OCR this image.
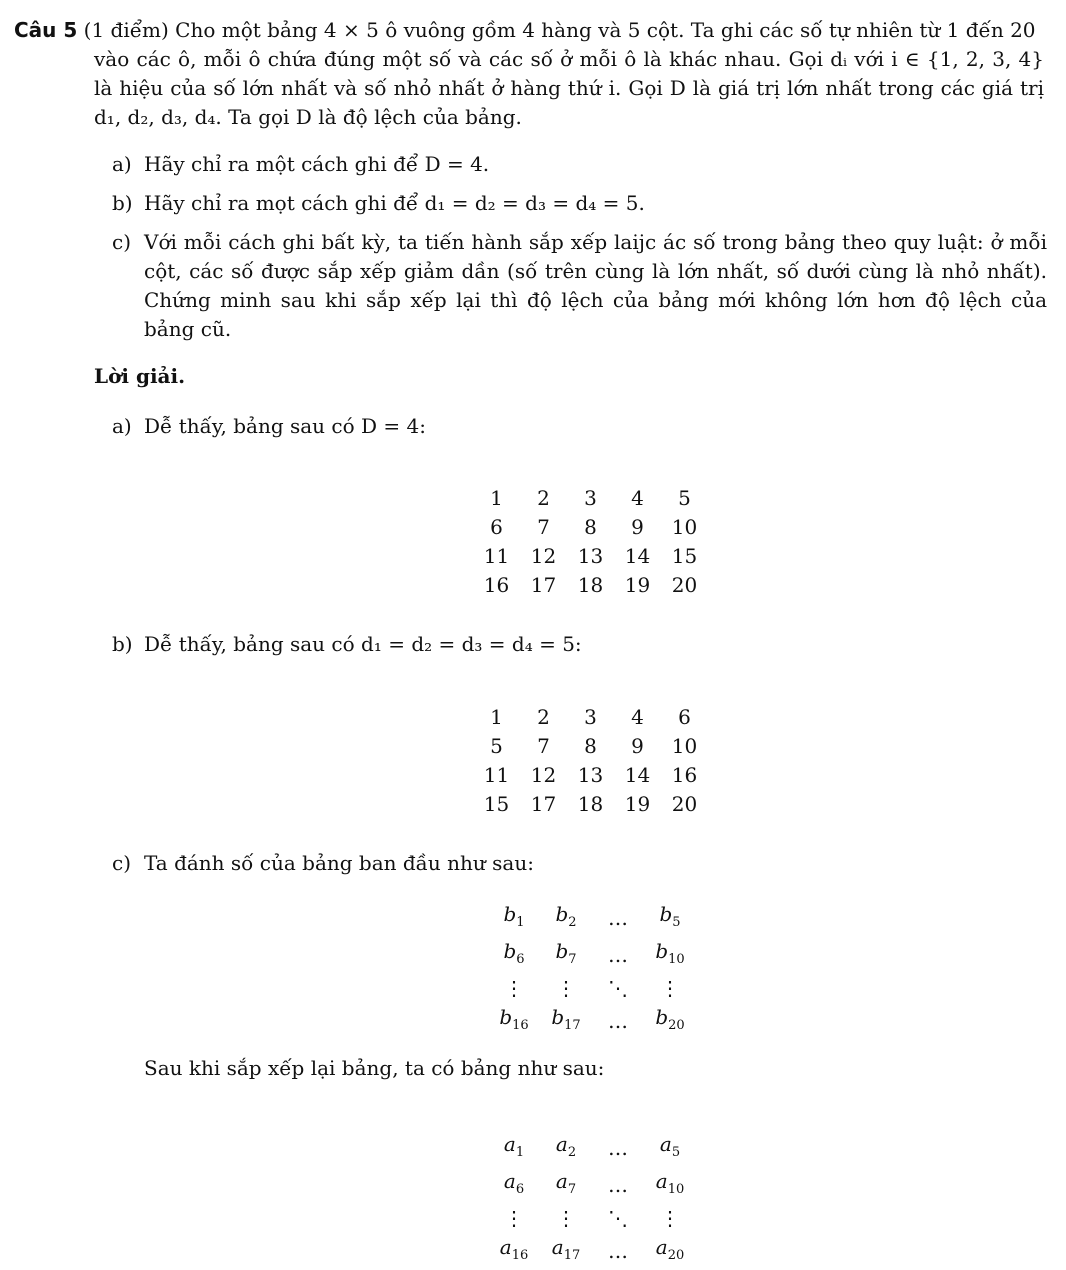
Câu 5 (1 điểm) Cho một bảng 4 × 5 ô vuông gồm 4 hàng và 5 cột. Ta ghi các số tự nhiên từ 1 đến 20
vào các ô, mỗi ô chứa đúng một số và các số ở mỗi ô là khác nhau. Gọi dᵢ với i ∈ {1, 2, 3, 4} là hiệu của số lớn nhất và số nhỏ nhất ở hàng thứ i. Gọi D là giá trị lớn nhất trong các giá trị d₁, d₂, d₃, d₄. Ta gọi D là độ lệch của bảng.
a) Hãy chỉ ra một cách ghi để D = 4.
b) Hãy chỉ ra mọt cách ghi để d₁ = d₂ = d₃ = d₄ = 5.
c) Với mỗi cách ghi bất kỳ, ta tiến hành sắp xếp laijc ác số trong bảng theo quy luật: ở mỗi cột, các số được sắp xếp giảm dần (số trên cùng là lớn nhất, số dưới cùng là nhỏ nhất). Chứng minh sau khi sắp xếp lại thì độ lệch của bảng mới không lớn hơn độ lệch của bảng cũ.
Lời giải.
a) Dễ thấy, bảng sau có D = 4:
1	2	3	4	5
6	7	8	9	10
11	12	13	14	15
16	17	18	19	20
b) Dễ thấy, bảng sau có d₁ = d₂ = d₃ = d₄ = 5:
1	2	3	4	6
5	7	8	9	10
11	12	13	14	16
15	17	18	19	20
c) Ta đánh số của bảng ban đầu như sau:
$b_1$	$b_2$	…	$b_5$
$b_6$	$b_7$	…	$b_{10}$
⋮	⋮	⋱	⋮
$b_{16}$	$b_{17}$	…	$b_{20}$
Sau khi sắp xếp lại bảng, ta có bảng như sau:
$a_1$	$a_2$	…	$a_5$
$a_6$	$a_7$	…	$a_{10}$
⋮	⋮	⋱	⋮
$a_{16}$	$a_{17}$	…	$a_{20}$
